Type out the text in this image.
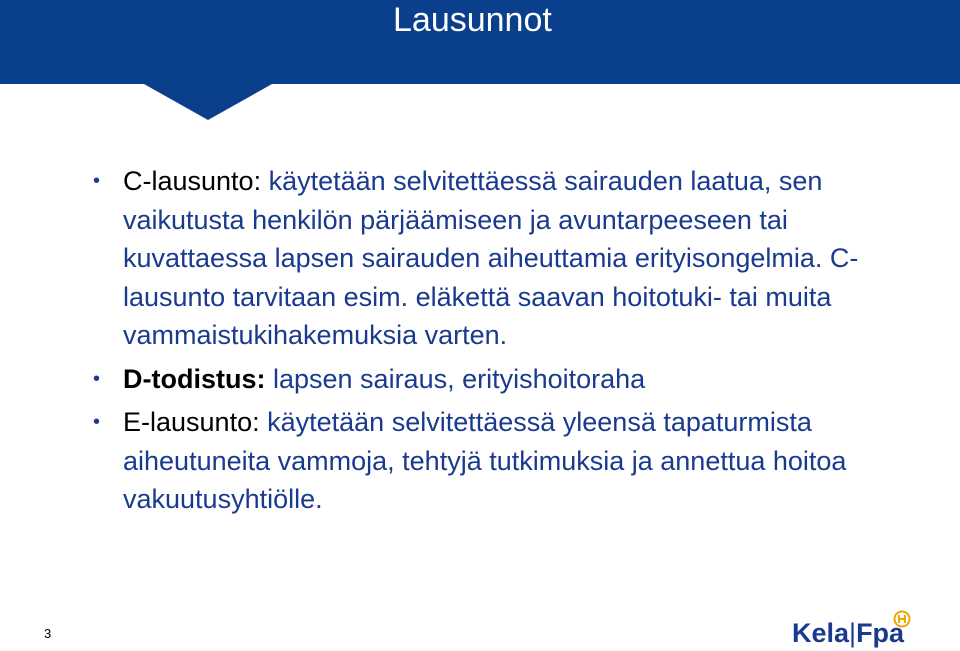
Lausunnot
• C-lausunto: käytetään selvitettäessä sairauden laatua, sen vaikutusta henkilön pärjäämiseen ja avuntarpeeseen tai kuvattaessa lapsen sairauden aiheuttamia erityisongelmia. C-lausunto tarvitaan esim. eläkettä saavan hoitotuki- tai muita vammaistukihakemuksia varten.
• D-todistus: lapsen sairaus, erityishoitoraha
• E-lausunto: käytetään selvitettäessä yleensä tapaturmista aiheutuneita vammoja, tehtyjä tutkimuksia ja annettua hoitoa vakuutusyhtiölle.
3	Kela|Fpa
